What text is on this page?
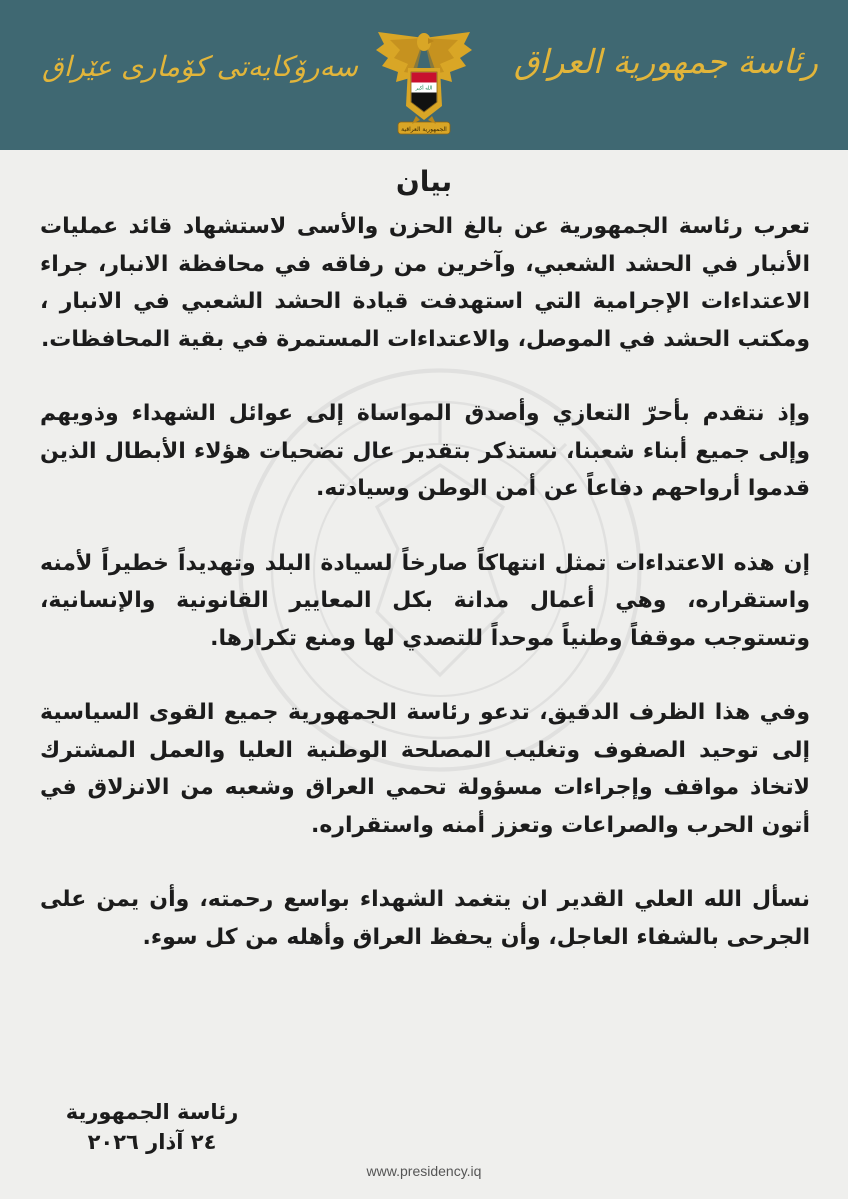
رئاسة جمهورية العراق
الله أكبر
الجمهورية العراقية
سەرۆکایەتی کۆماری عێراق
بيان

تعرب رئاسة الجمهورية عن بالغ الحزن والأسى لاستشهاد قائد عمليات الأنبار في الحشد الشعبي، وآخرين من رفاقه في محافظة الانبار، جراء الاعتداءات الإجرامية التي استهدفت قيادة الحشد الشعبي في الانبار ، ومكتب الحشد في الموصل، والاعتداءات المستمرة في بقية المحافظات.

وإذ نتقدم بأحرّ التعازي وأصدق المواساة إلى عوائل الشهداء وذويهم وإلى جميع أبناء شعبنا، نستذكر بتقدير عال تضحيات هؤلاء الأبطال الذين قدموا أرواحهم دفاعاً عن أمن الوطن وسيادته.

إن هذه الاعتداءات تمثل انتهاكاً صارخاً لسيادة البلد وتهديداً خطيراً لأمنه واستقراره، وهي أعمال مدانة بكل المعايير القانونية والإنسانية، وتستوجب موقفاً وطنياً موحداً للتصدي لها ومنع تكرارها.

وفي هذا الظرف الدقيق، تدعو رئاسة الجمهورية جميع القوى السياسية إلى توحيد الصفوف وتغليب المصلحة الوطنية العليا والعمل المشترك لاتخاذ مواقف وإجراءات مسؤولة تحمي العراق وشعبه من الانزلاق في أتون الحرب والصراعات وتعزز أمنه واستقراره.

نسأل الله العلي القدير ان يتغمد الشهداء بواسع رحمته، وأن يمن على الجرحى بالشفاء العاجل، وأن يحفظ العراق وأهله من كل سوء.

رئاسة الجمهورية
٢٤ آذار ٢٠٢٦
www.presidency.iq
